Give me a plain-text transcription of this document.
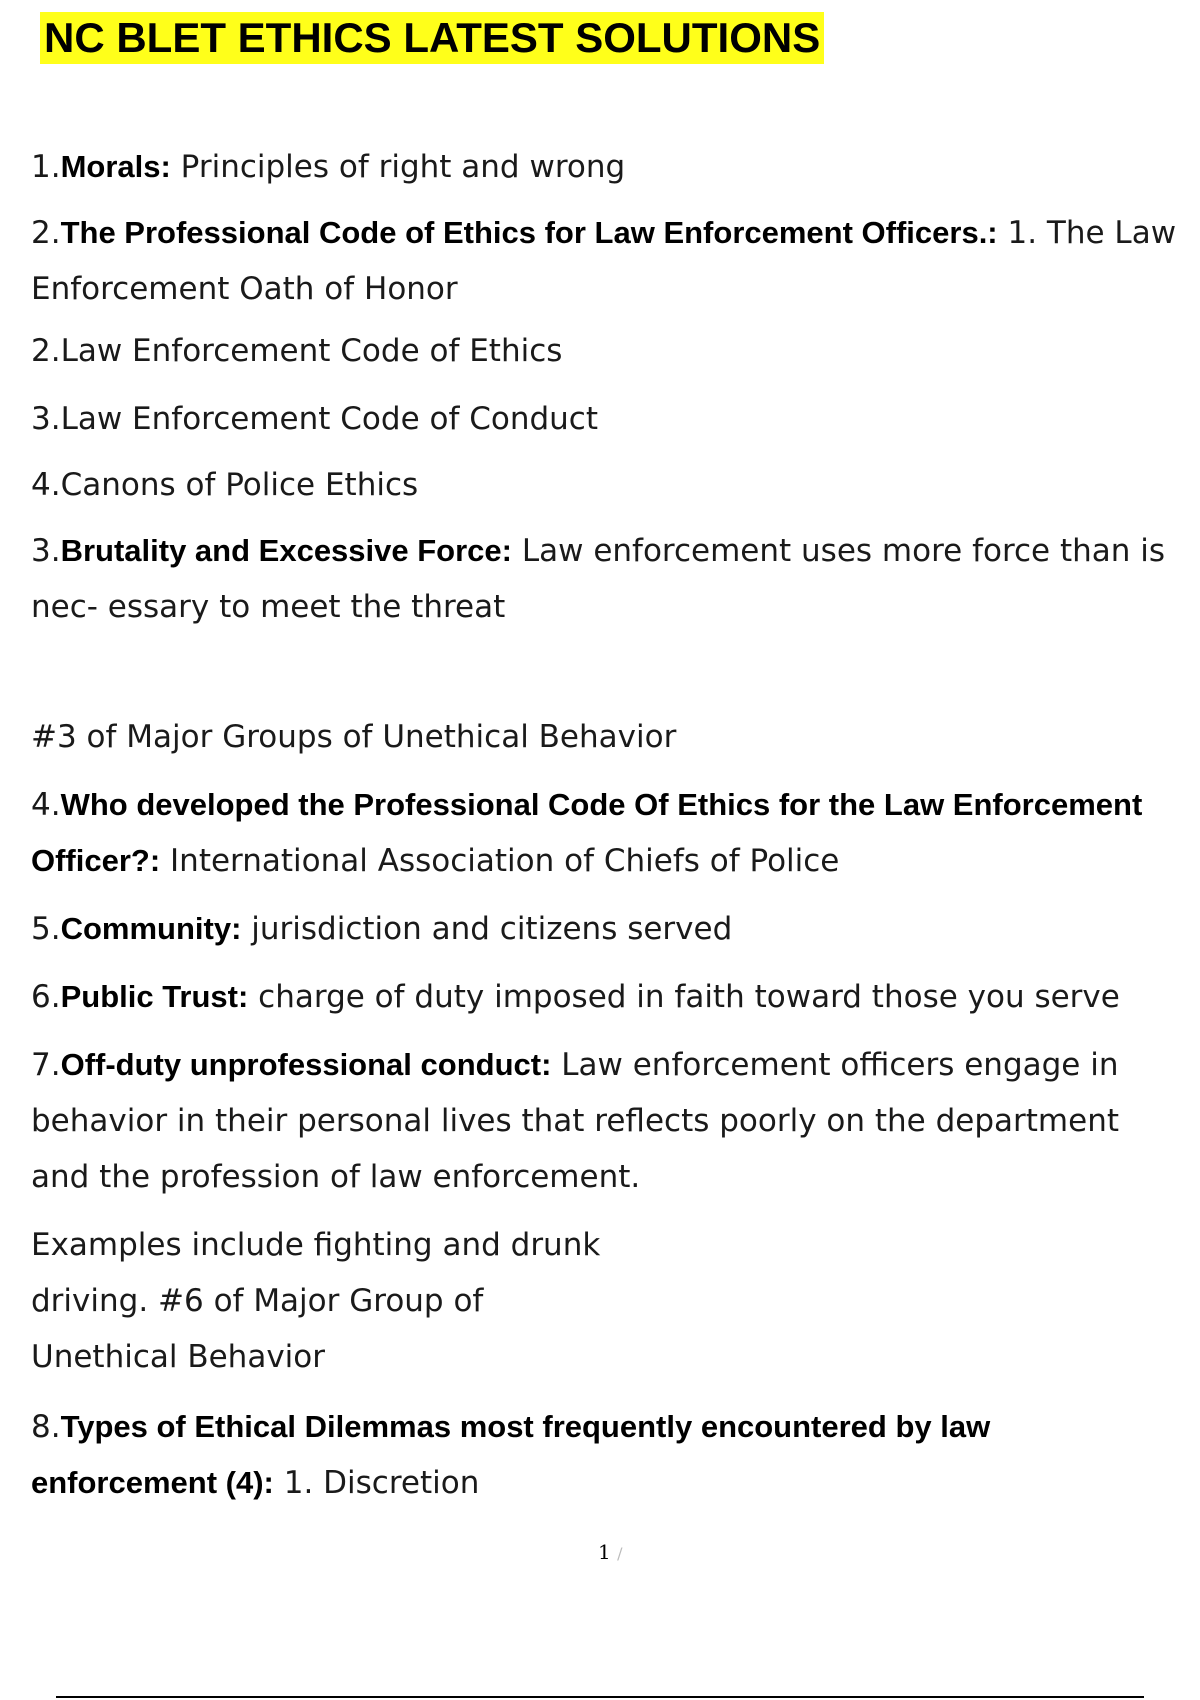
NC BLET ETHICS LATEST SOLUTIONS

1.Morals: Principles of right and wrong

2.The Professional Code of Ethics for Law Enforcement Officers.: 1. The Law Enforcement Oath of Honor

2.Law Enforcement Code of Ethics

3.Law Enforcement Code of Conduct

4.Canons of Police Ethics

3.Brutality and Excessive Force: Law enforcement uses more force than is nec- essary to meet the threat

#3 of Major Groups of Unethical Behavior

4.Who developed the Professional Code Of Ethics for the Law Enforcement Officer?: International Association of Chiefs of Police

5.Community: jurisdiction and citizens served

6.Public Trust: charge of duty imposed in faith toward those you serve

7.Off-duty unprofessional conduct: Law enforcement officers engage in behavior in their personal lives that reflects poorly on the department and the profession of law enforcement.

Examples include fighting and drunk
driving. #6 of Major Group of
Unethical Behavior

8.Types of Ethical Dilemmas most frequently encountered by law enforcement (4): 1. Discretion

1 /
